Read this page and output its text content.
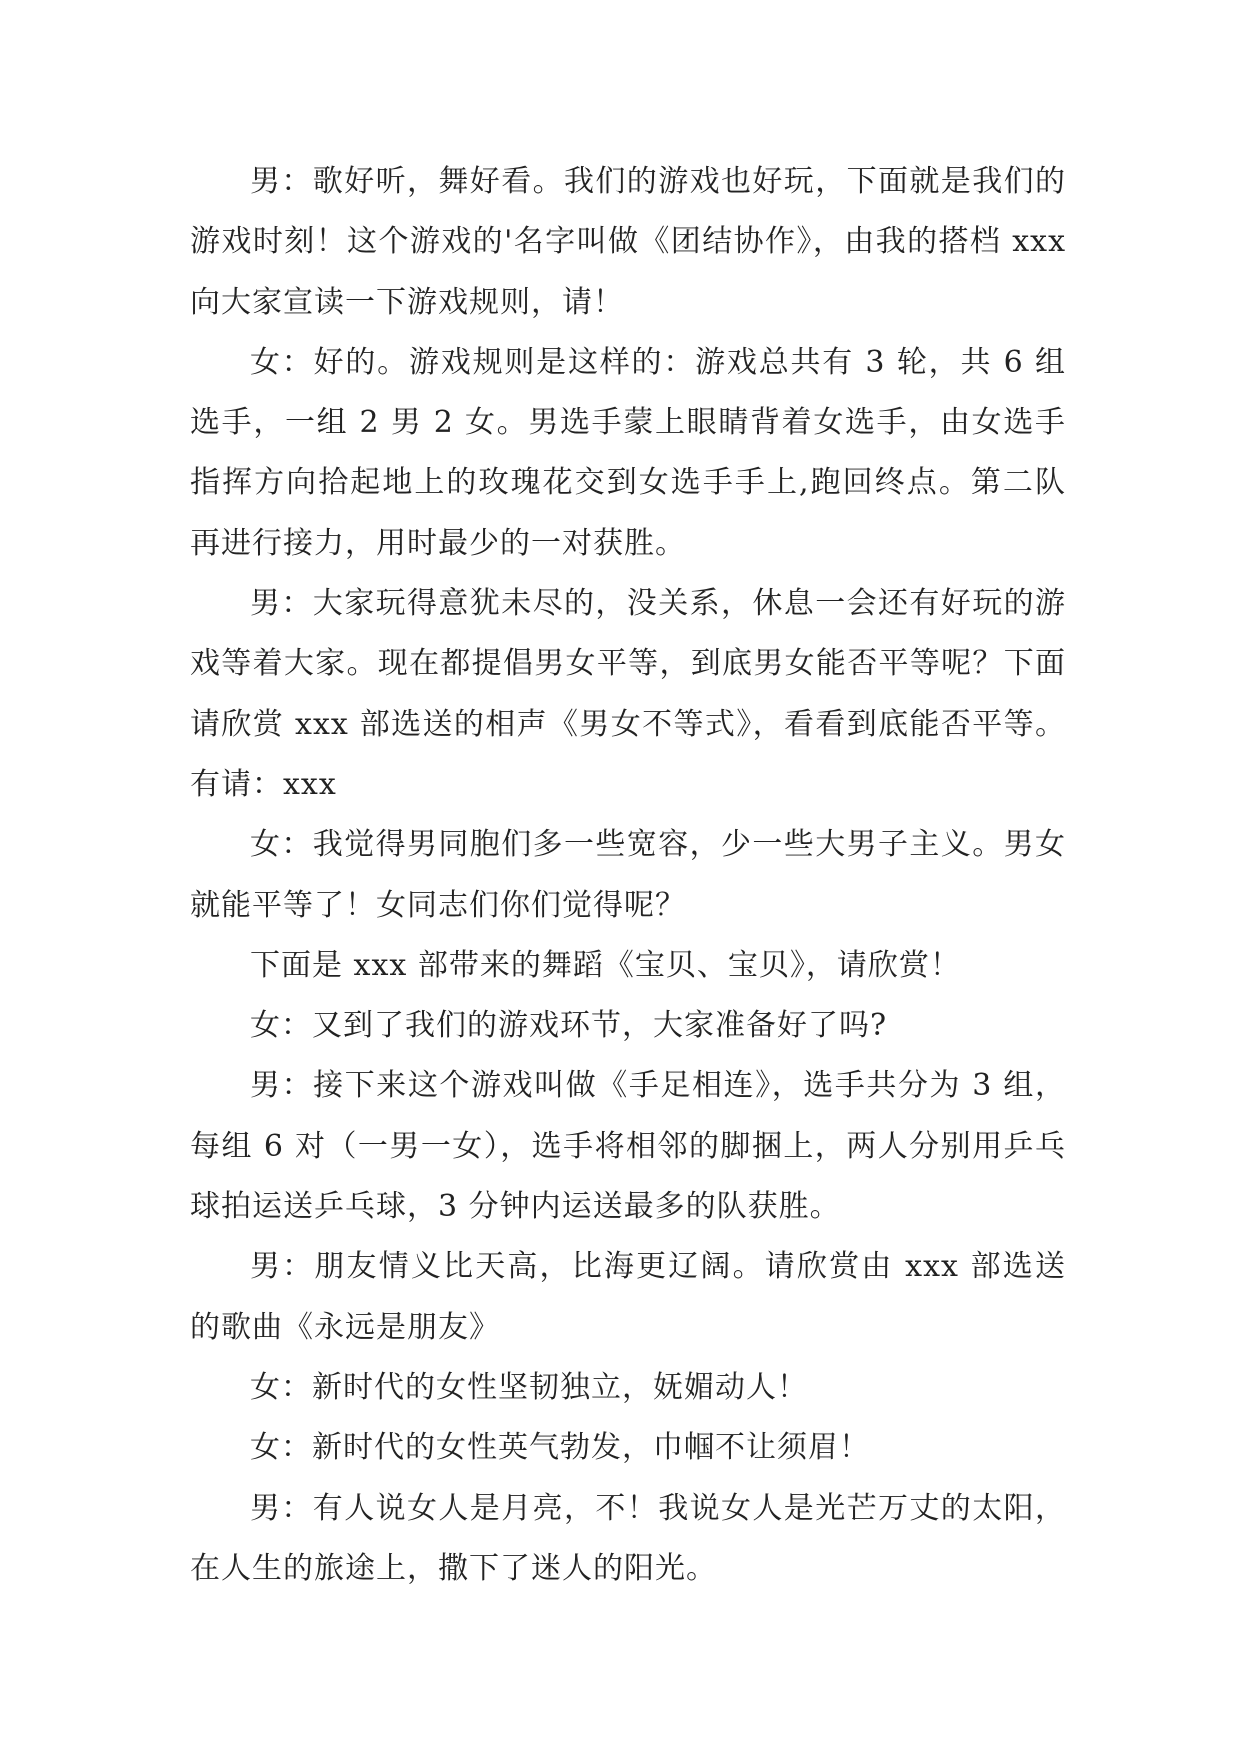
男：歌好听，舞好看。我们的游戏也好玩，下面就是我们的游戏时刻！这个游戏的'名字叫做《团结协作》，由我的搭档 xxx 向大家宣读一下游戏规则，请！

女：好的。游戏规则是这样的：游戏总共有 3 轮，共 6 组选手，一组 2 男 2 女。男选手蒙上眼睛背着女选手，由女选手指挥方向拾起地上的玫瑰花交到女选手手上,跑回终点。第二队再进行接力，用时最少的一对获胜。

男：大家玩得意犹未尽的，没关系，休息一会还有好玩的游戏等着大家。现在都提倡男女平等，到底男女能否平等呢？下面请欣赏 xxx 部选送的相声《男女不等式》，看看到底能否平等。有请：xxx

女：我觉得男同胞们多一些宽容，少一些大男子主义。男女就能平等了！女同志们你们觉得呢？

下面是 xxx 部带来的舞蹈《宝贝、宝贝》，请欣赏！

女：又到了我们的游戏环节，大家准备好了吗?

男：接下来这个游戏叫做《手足相连》，选手共分为 3 组，每组 6 对（一男一女），选手将相邻的脚捆上，两人分别用乒乓球拍运送乒乓球，3 分钟内运送最多的队获胜。

男：朋友情义比天高，比海更辽阔。请欣赏由 xxx 部选送的歌曲《永远是朋友》

女：新时代的女性坚韧独立，妩媚动人！

女：新时代的女性英气勃发，巾帼不让须眉！

男：有人说女人是月亮，不！我说女人是光芒万丈的太阳，在人生的旅途上，撒下了迷人的阳光。
